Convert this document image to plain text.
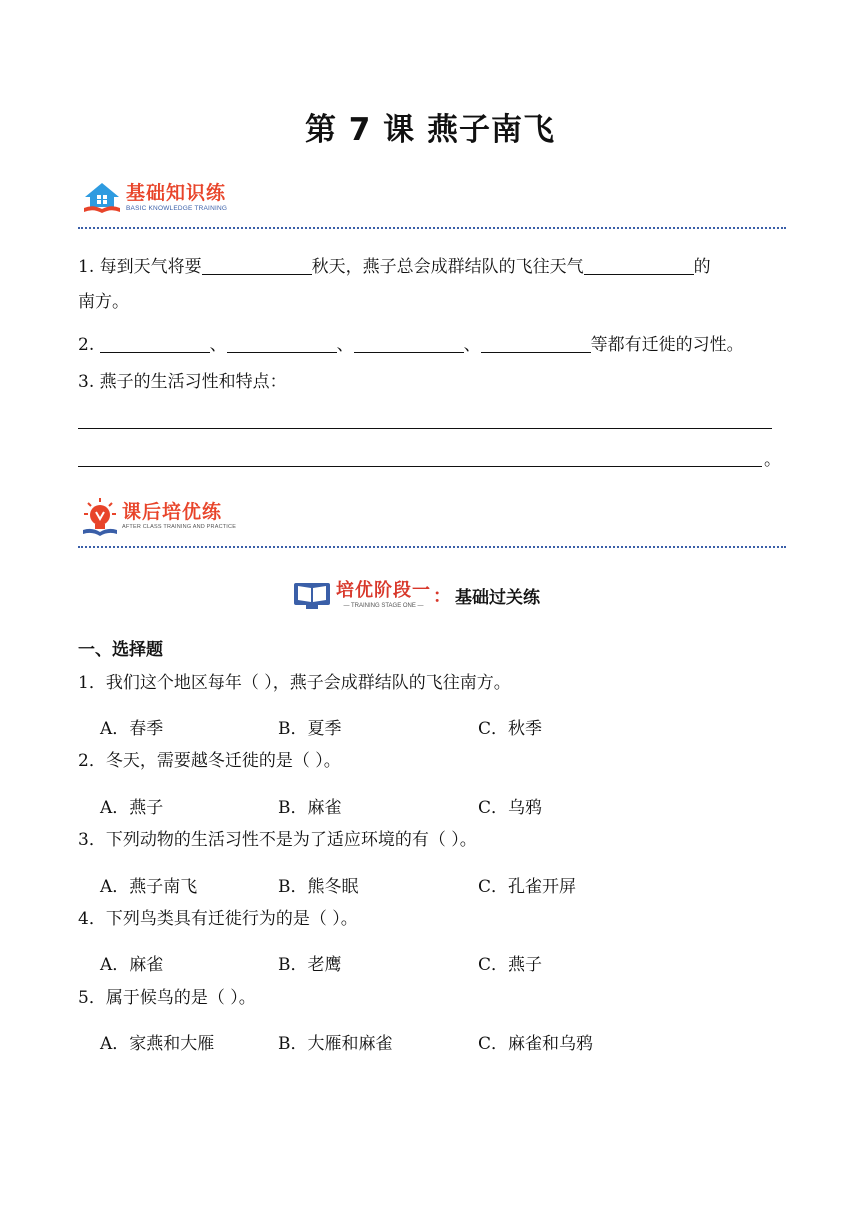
第 7 课 燕子南飞
基础知识练
BASIC KNOWLEDGE TRAINING
1. 每到天气将要	秋天，燕子总会成群结队的飞往天气	的
南方。
2.	、	、	、	等都有迁徙的习性。
3. 燕子的生活习性和特点：
。
课后培优练
AFTER CLASS TRAINING AND PRACTICE
培优阶段一
— TRAINING STAGE ONE — ： 基础过关练
一、选择题
1．我们这个地区每年（ ），燕子会成群结队的飞往南方。
A．春季	B．夏季	C．秋季
2．冬天，需要越冬迁徙的是（ ）。
A．燕子	B．麻雀	C．乌鸦
3．下列动物的生活习性不是为了适应环境的有（ ）。
A．燕子南飞	B．熊冬眠	C．孔雀开屏
4．下列鸟类具有迁徙行为的是（ ）。
A．麻雀	B．老鹰	C．燕子
5．属于候鸟的是（ ）。
A．家燕和大雁	B．大雁和麻雀	C．麻雀和乌鸦
